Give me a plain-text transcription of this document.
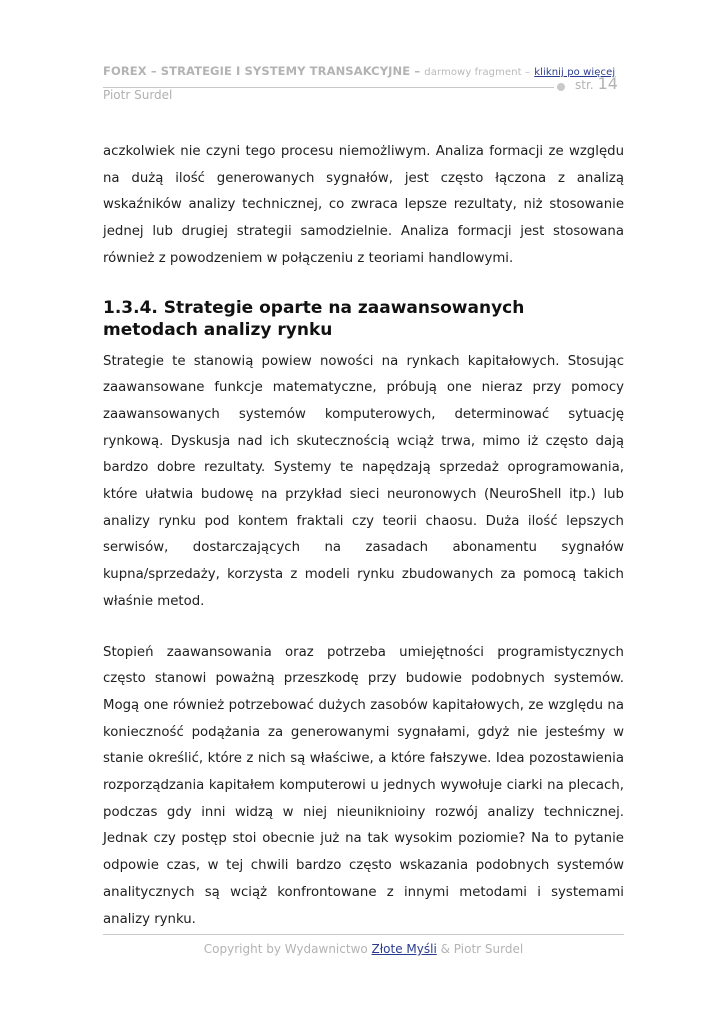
FOREX – STRATEGIE I SYSTEMY TRANSAKCYJNE – darmowy fragment – kliknij po więcej
str. 14
Piotr Surdel

aczkolwiek nie czyni tego procesu niemożliwym. Analiza formacji ze względu na dużą ilość generowanych sygnałów, jest często łączona z analizą wskaźników analizy technicznej, co zwraca lepsze rezultaty, niż stosowanie jednej lub drugiej strategii samodzielnie. Analiza formacji jest stosowana również z powodzeniem w połączeniu z teoriami handlowymi.

1.3.4. Strategie oparte na zaawansowanych metodach analizy rynku

Strategie te stanowią powiew nowości na rynkach kapitałowych. Stosując zaawansowane funkcje matematyczne, próbują one nieraz przy pomocy zaawansowanych systemów komputerowych, determinować sytuację rynkową. Dyskusja nad ich skutecznością wciąż trwa, mimo iż często dają bardzo dobre rezultaty. Systemy te napędzają sprzedaż oprogramowania, które ułatwia budowę na przykład sieci neuronowych (NeuroShell itp.) lub analizy rynku pod kontem fraktali czy teorii chaosu. Duża ilość lepszych serwisów, dostarczających na zasadach abonamentu sygnałów kupna/sprzedaży, korzysta z modeli rynku zbudowanych za pomocą takich właśnie metod.

Stopień zaawansowania oraz potrzeba umiejętności programistycznych często stanowi poważną przeszkodę przy budowie podobnych systemów. Mogą one również potrzebować dużych zasobów kapitałowych, ze względu na konieczność podążania za generowanymi sygnałami, gdyż nie jesteśmy w stanie określić, które z nich są właściwe, a które fałszywe. Idea pozostawienia rozporządzania kapitałem komputerowi u jednych wywołuje ciarki na plecach, podczas gdy inni widzą w niej nieuniknioiny rozwój analizy technicznej. Jednak czy postęp stoi obecnie już na tak wysokim poziomie? Na to pytanie odpowie czas, w tej chwili bardzo często wskazania podobnych systemów analitycznych są wciąż konfrontowane z innymi metodami i systemami analizy rynku.

Copyright by Wydawnictwo Złote Myśli & Piotr Surdel
